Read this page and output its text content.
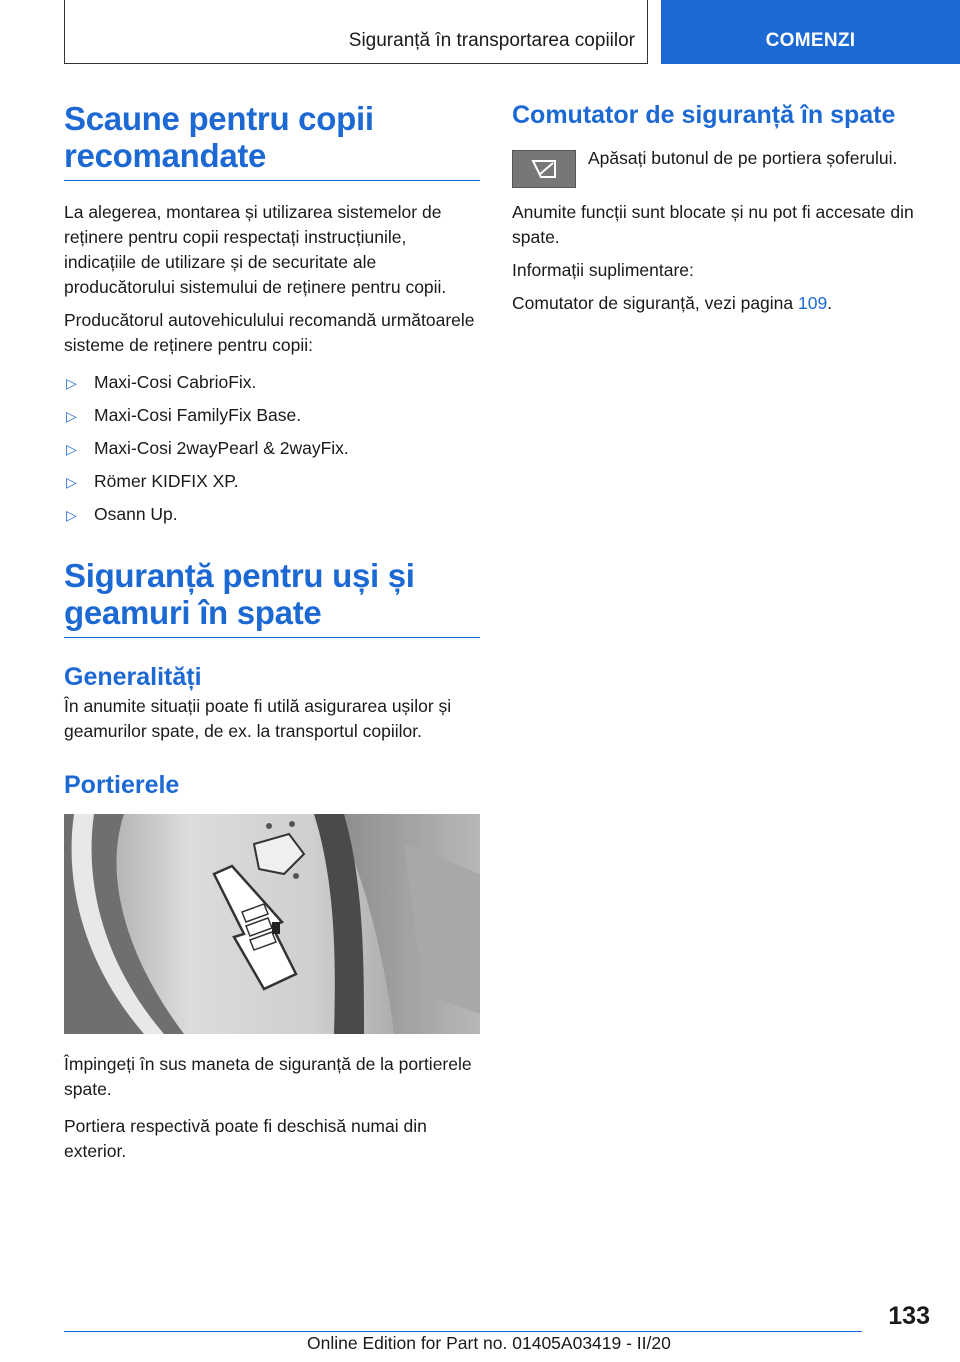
Siguranță în transportarea copiilor	COMENZI
Scaune pentru copii recomandate

La alegerea, montarea și utilizarea sistemelor de reținere pentru copii respectați instrucțiunile, indicațiile de utilizare și de securitate ale producătorului sistemului de reținere pentru copii.

Producătorul autovehiculului recomandă următoarele sisteme de reținere pentru copii:

▷ Maxi-Cosi CabrioFix.
▷ Maxi-Cosi FamilyFix Base.
▷ Maxi-Cosi 2wayPearl & 2wayFix.
▷ Römer KIDFIX XP.
▷ Osann Up.
Siguranță pentru uși și geamuri în spate
Generalități

În anumite situații poate fi utilă asigurarea ușilor și geamurilor spate, de ex. la transportul copiilor.

Portierele

Împingeți în sus maneta de siguranță de la portierele spate.

Portiera respectivă poate fi deschisă numai din exterior.

Comutator de siguranță în spate

Apăsați butonul de pe portiera șoferului.

Anumite funcții sunt blocate și nu pot fi accesate din spate.

Informații suplimentare:

Comutator de siguranță, vezi pagina 109.

133
Online Edition for Part no. 01405A03419 - II/20
